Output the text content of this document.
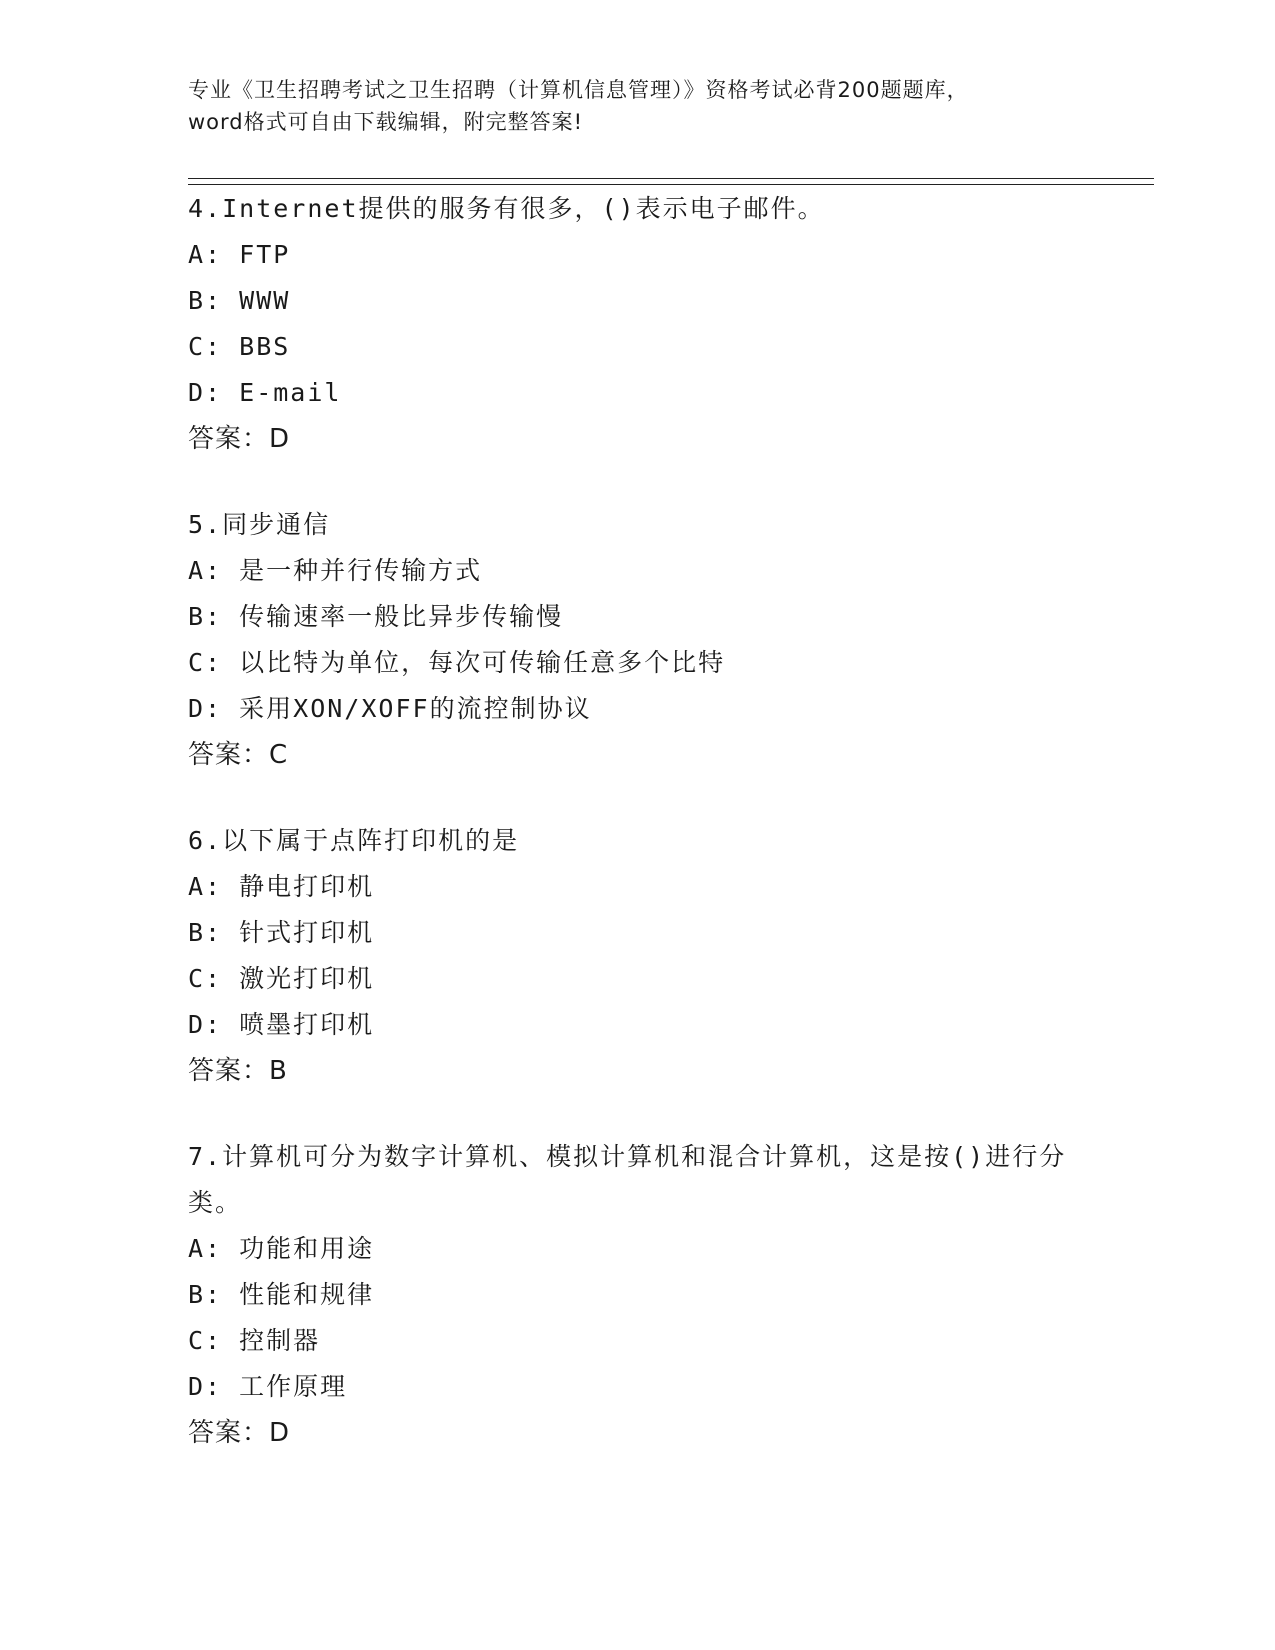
专业《卫生招聘考试之卫生招聘（计算机信息管理）》资格考试必背200题题库，
word格式可自由下载编辑，附完整答案!

4.Internet提供的服务有很多，()表示电子邮件。

A: FTP

B: WWW

C: BBS

D: E-mail

答案：D

5.同步通信

A: 是一种并行传输方式

B: 传输速率一般比异步传输慢

C: 以比特为单位，每次可传输任意多个比特

D: 采用XON/XOFF的流控制协议

答案：C

6.以下属于点阵打印机的是

A: 静电打印机

B: 针式打印机

C: 激光打印机

D: 喷墨打印机

答案：B

7.计算机可分为数字计算机、模拟计算机和混合计算机，这是按()进行分类。

A: 功能和用途

B: 性能和规律

C: 控制器

D: 工作原理

答案：D
